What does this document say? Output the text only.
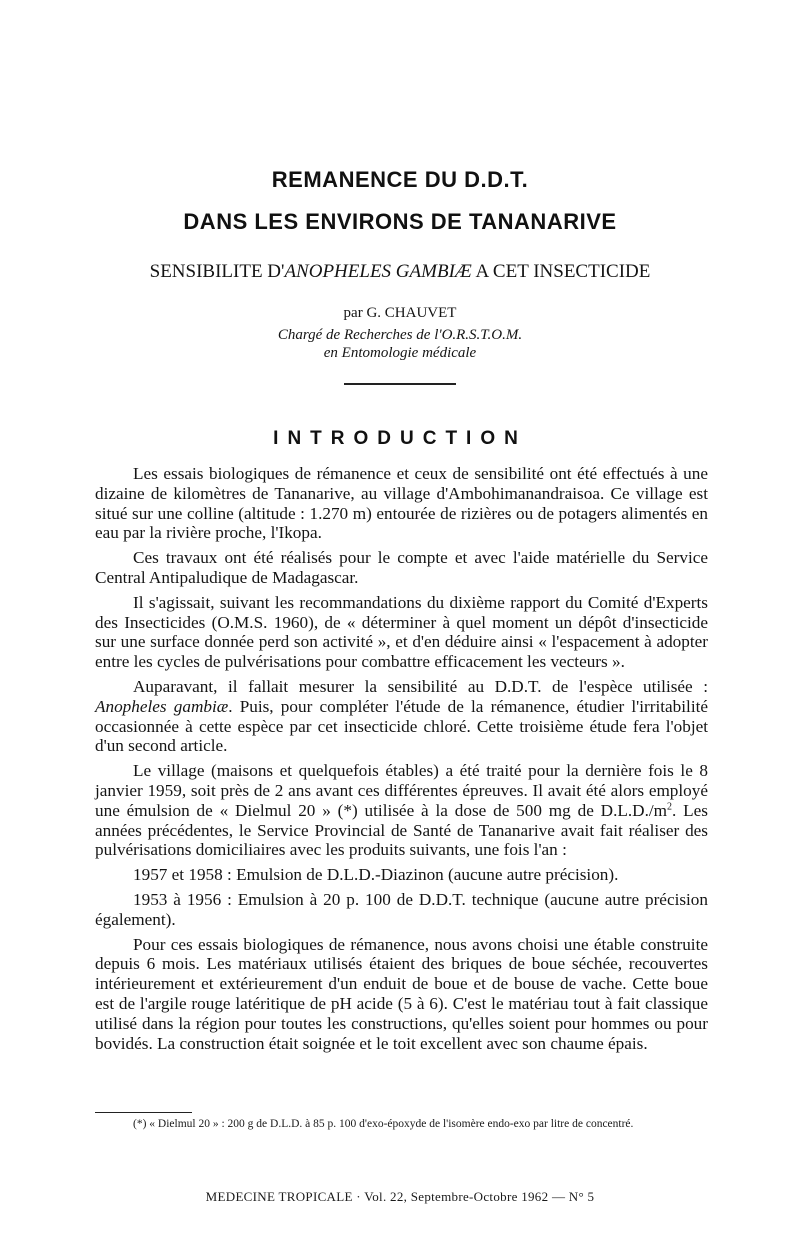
REMANENCE DU D.D.T.
DANS LES ENVIRONS DE TANANARIVE
SENSIBILITE D'ANOPHELES GAMBIÆ A CET INSECTICIDE
par G. CHAUVET
Chargé de Recherches de l'O.R.S.T.O.M.
en Entomologie médicale
INTRODUCTION

Les essais biologiques de rémanence et ceux de sensibilité ont été effectués à une dizaine de kilomètres de Tananarive, au village d'Ambohimanandraisoa. Ce village est situé sur une colline (altitude : 1.270 m) entourée de rizières ou de potagers alimentés en eau par la rivière proche, l'Ikopa.

Ces travaux ont été réalisés pour le compte et avec l'aide matérielle du Service Central Antipaludique de Madagascar.

Il s'agissait, suivant les recommandations du dixième rapport du Comité d'Experts des Insecticides (O.M.S. 1960), de « déterminer à quel moment un dépôt d'insecticide sur une surface donnée perd son activité », et d'en déduire ainsi « l'espacement à adopter entre les cycles de pulvérisations pour combattre efficacement les vecteurs ».

Auparavant, il fallait mesurer la sensibilité au D.D.T. de l'espèce utilisée : Anopheles gambiæ. Puis, pour compléter l'étude de la rémanence, étudier l'irritabilité occasionnée à cette espèce par cet insecticide chloré. Cette troisième étude fera l'objet d'un second article.

Le village (maisons et quelquefois étables) a été traité pour la dernière fois le 8 janvier 1959, soit près de 2 ans avant ces différentes épreuves. Il avait été alors employé une émulsion de « Dielmul 20 » (*) utilisée à la dose de 500 mg de $D.L.D./m^2$. Les années précédentes, le Service Provincial de Santé de Tananarive avait fait réaliser des pulvérisations domiciliaires avec les produits suivants, une fois l'an :

1957 et 1958 : Emulsion de D.L.D.-Diazinon (aucune autre précision).

1953 à 1956 : Emulsion à 20 p. 100 de D.D.T. technique (aucune autre précision également).

Pour ces essais biologiques de rémanence, nous avons choisi une étable construite depuis 6 mois. Les matériaux utilisés étaient des briques de boue séchée, recouvertes intérieurement et extérieurement d'un enduit de boue et de bouse de vache. Cette boue est de l'argile rouge latéritique de pH acide (5 à 6). C'est le matériau tout à fait classique utilisé dans la région pour toutes les constructions, qu'elles soient pour hommes ou pour bovidés. La construction était soignée et le toit excellent avec son chaume épais.

(*) « Dielmul 20 » : 200 g de D.L.D. à 85 p. 100 d'exo-époxyde de l'isomère endo-exo par litre de concentré.

MEDECINE TROPICALE · Vol. 22, Septembre-Octobre 1962 — N° 5
